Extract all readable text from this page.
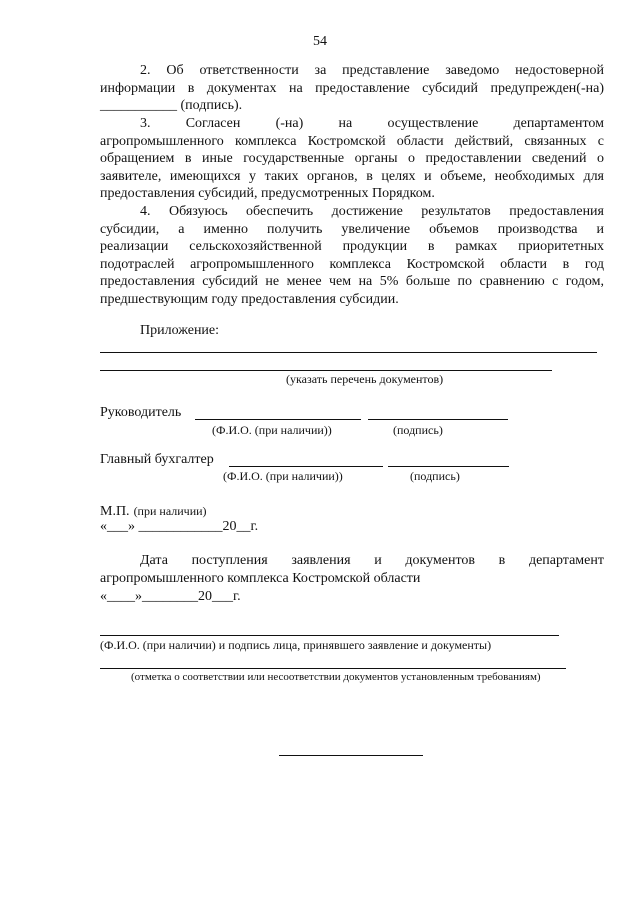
54
2. Об ответственности за представление заведомо недостоверной
информации в документах на предоставление субсидий предупрежден(-на)
___________ (подпись).
3. Согласен (-на) на осуществление департаментом
агропромышленного комплекса Костромской области действий, связанных с
обращением в иные государственные органы о предоставлении сведений о
заявителе, имеющихся у таких органов, в целях и объеме, необходимых для
предоставления субсидий, предусмотренных Порядком.
4. Обязуюсь обеспечить достижение результатов предоставления
субсидии, а именно получить увеличение объемов производства и
реализации сельскохозяйственной продукции в рамках приоритетных
подотраслей агропромышленного комплекса Костромской области в год
предоставления субсидий не менее чем на 5% больше по сравнению с годом,
предшествующим году предоставления субсидии.
Приложение:
(указать перечень документов)
Руководитель
(Ф.И.О. (при наличии))	(подпись)
Главный бухгалтер
(Ф.И.О. (при наличии))	(подпись)
М.П. (при наличии)
«___» ____________20__г.
Дата поступления заявления и документов в департамент
агропромышленного комплекса Костромской области
«____»________20___г.
(Ф.И.О. (при наличии) и подпись лица, принявшего заявление и документы)
(отметка о соответствии или несоответствии документов установленным требованиям)
